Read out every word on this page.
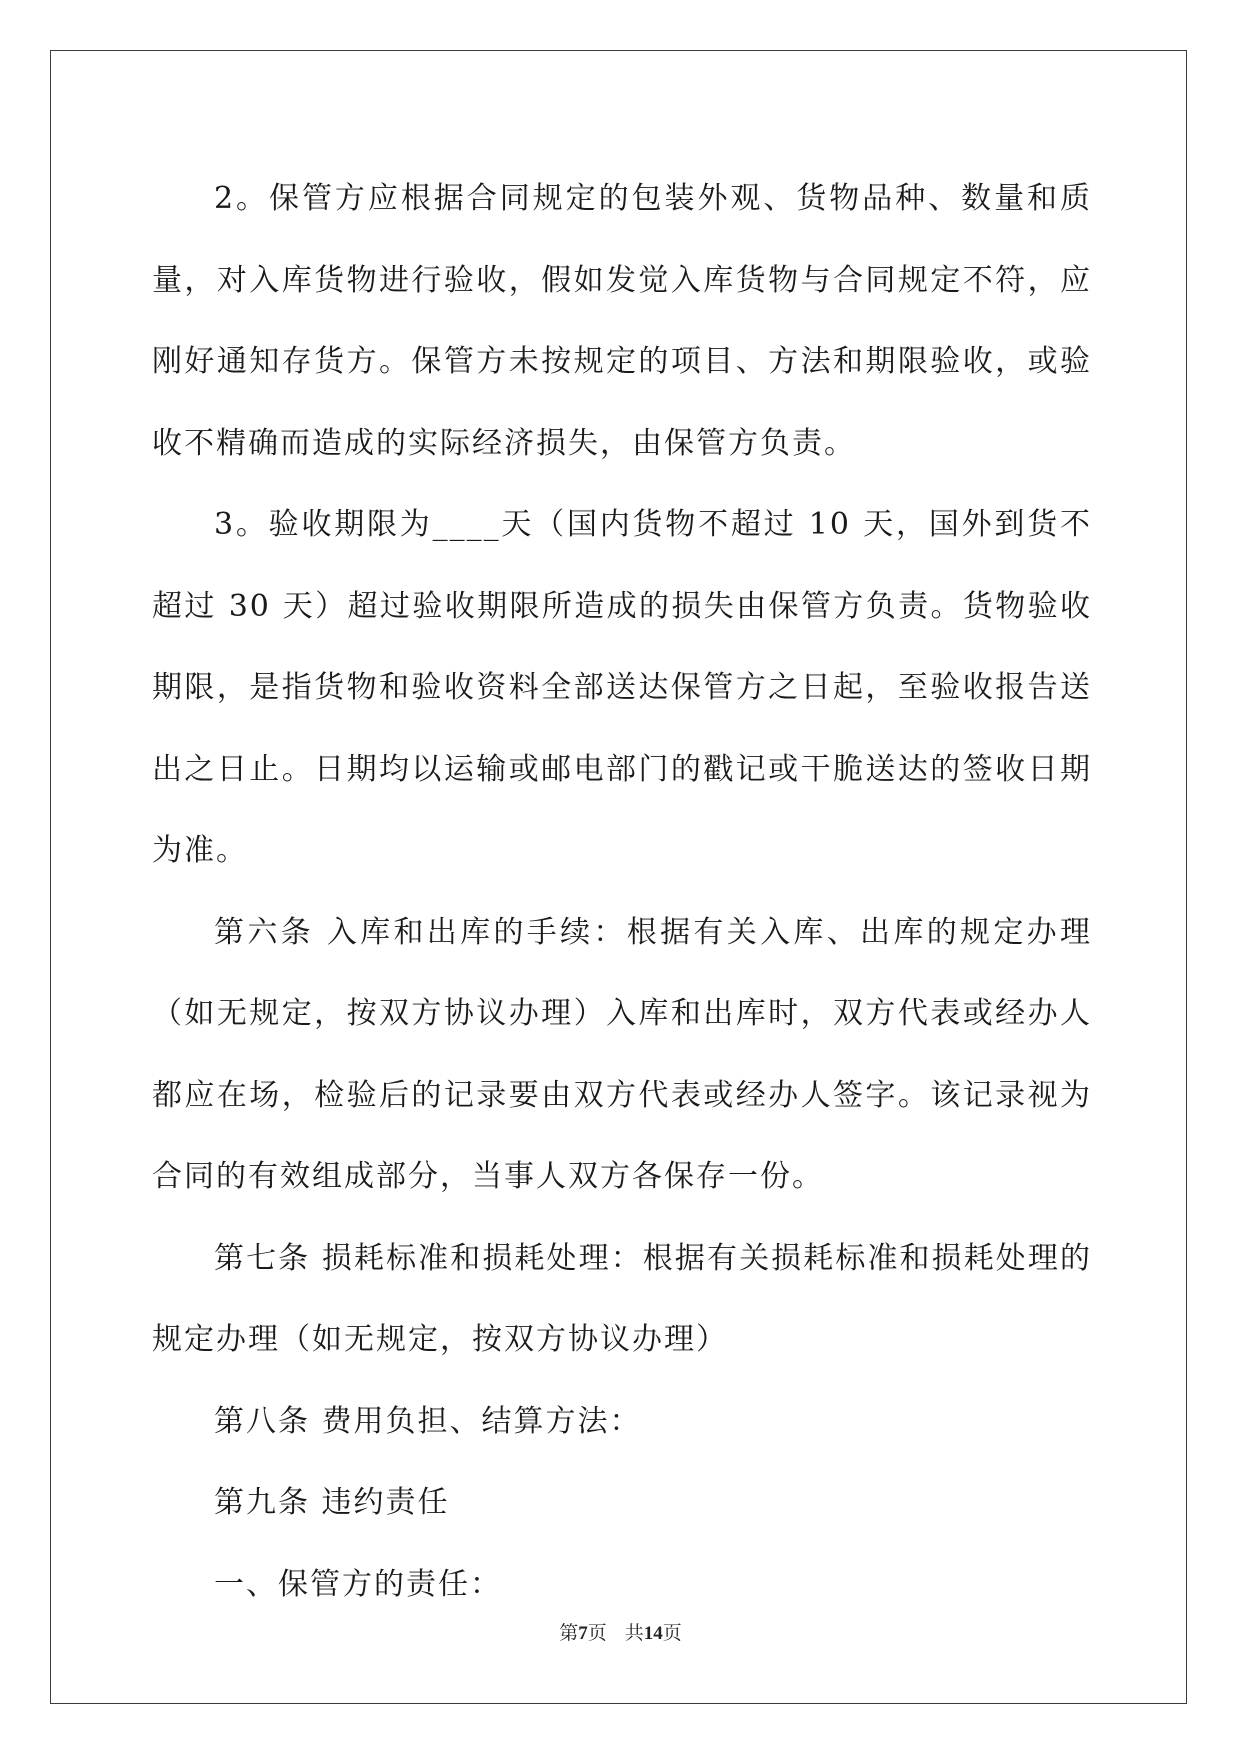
2。保管方应根据合同规定的包装外观、货物品种、数量和质量，对入库货物进行验收，假如发觉入库货物与合同规定不符，应刚好通知存货方。保管方未按规定的项目、方法和期限验收，或验收不精确而造成的实际经济损失，由保管方负责。

3。验收期限为____天（国内货物不超过 10 天，国外到货不超过 30 天）超过验收期限所造成的损失由保管方负责。货物验收期限，是指货物和验收资料全部送达保管方之日起，至验收报告送出之日止。日期均以运输或邮电部门的戳记或干脆送达的签收日期为准。

第六条 入库和出库的手续：根据有关入库、出库的规定办理（如无规定，按双方协议办理）入库和出库时，双方代表或经办人都应在场，检验后的记录要由双方代表或经办人签字。该记录视为合同的有效组成部分，当事人双方各保存一份。

第七条 损耗标准和损耗处理：根据有关损耗标准和损耗处理的规定办理（如无规定，按双方协议办理）

第八条 费用负担、结算方法：

第九条 违约责任

一、保管方的责任：

第7页 共14页
